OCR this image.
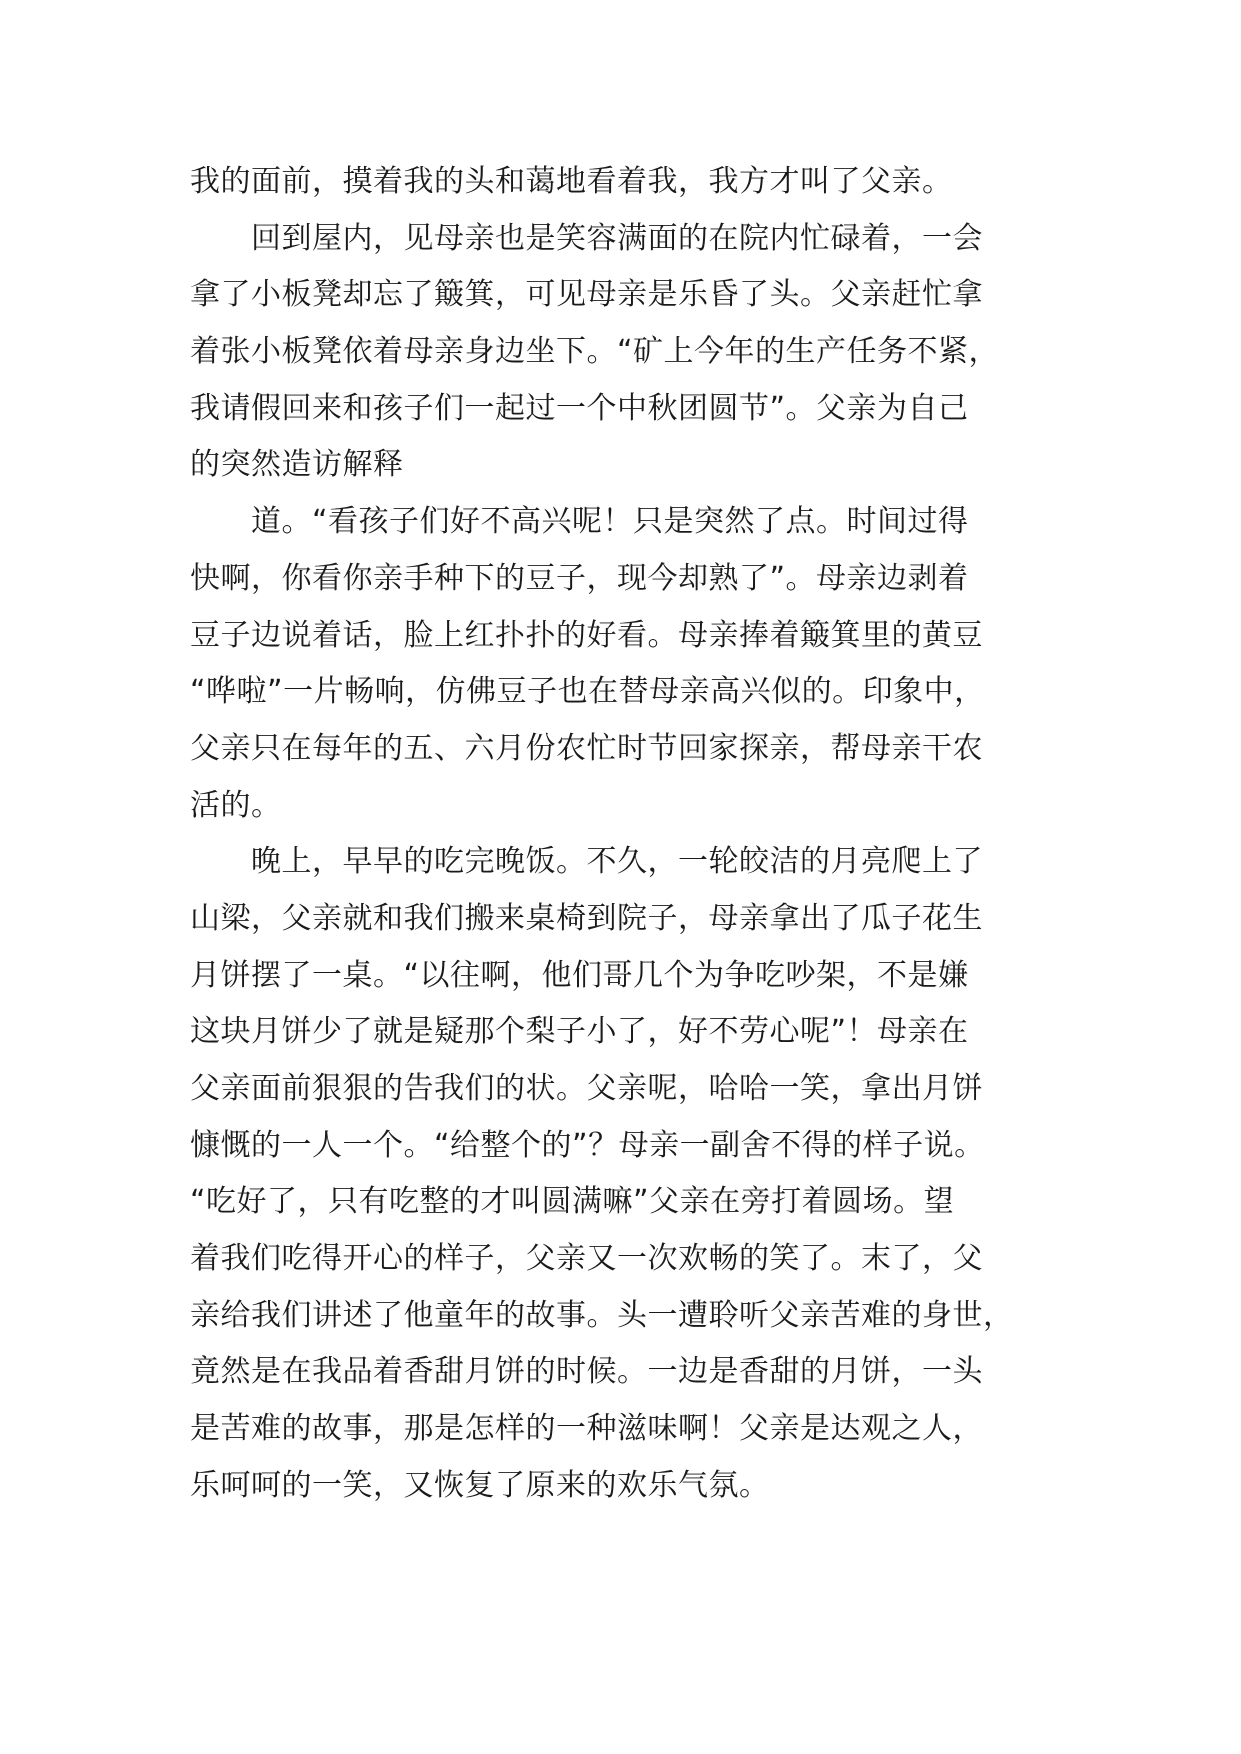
我的面前，摸着我的头和蔼地看着我，我方才叫了父亲。

回到屋内，见母亲也是笑容满面的在院内忙碌着，一会
拿了小板凳却忘了簸箕，可见母亲是乐昏了头。父亲赶忙拿
着张小板凳依着母亲身边坐下。“矿上今年的生产任务不紧，
我请假回来和孩子们一起过一个中秋团圆节”。父亲为自己
的突然造访解释

道。“看孩子们好不高兴呢！只是突然了点。时间过得
快啊，你看你亲手种下的豆子，现今却熟了”。母亲边剥着
豆子边说着话，脸上红扑扑的好看。母亲捧着簸箕里的黄豆
“哗啦”一片畅响，仿佛豆子也在替母亲高兴似的。印象中，
父亲只在每年的五、六月份农忙时节回家探亲，帮母亲干农
活的。

晚上，早早的吃完晚饭。不久，一轮皎洁的月亮爬上了
山梁，父亲就和我们搬来桌椅到院子，母亲拿出了瓜子花生
月饼摆了一桌。“以往啊，他们哥几个为争吃吵架，不是嫌
这块月饼少了就是疑那个梨子小了，好不劳心呢”！母亲在
父亲面前狠狠的告我们的状。父亲呢，哈哈一笑，拿出月饼
慷慨的一人一个。“给整个的”？母亲一副舍不得的样子说。
“吃好了，只有吃整的才叫圆满嘛”父亲在旁打着圆场。望
着我们吃得开心的样子，父亲又一次欢畅的笑了。末了，父
亲给我们讲述了他童年的故事。头一遭聆听父亲苦难的身世，
竟然是在我品着香甜月饼的时候。一边是香甜的月饼，一头
是苦难的故事，那是怎样的一种滋味啊！父亲是达观之人，
乐呵呵的一笑，又恢复了原来的欢乐气氛。
